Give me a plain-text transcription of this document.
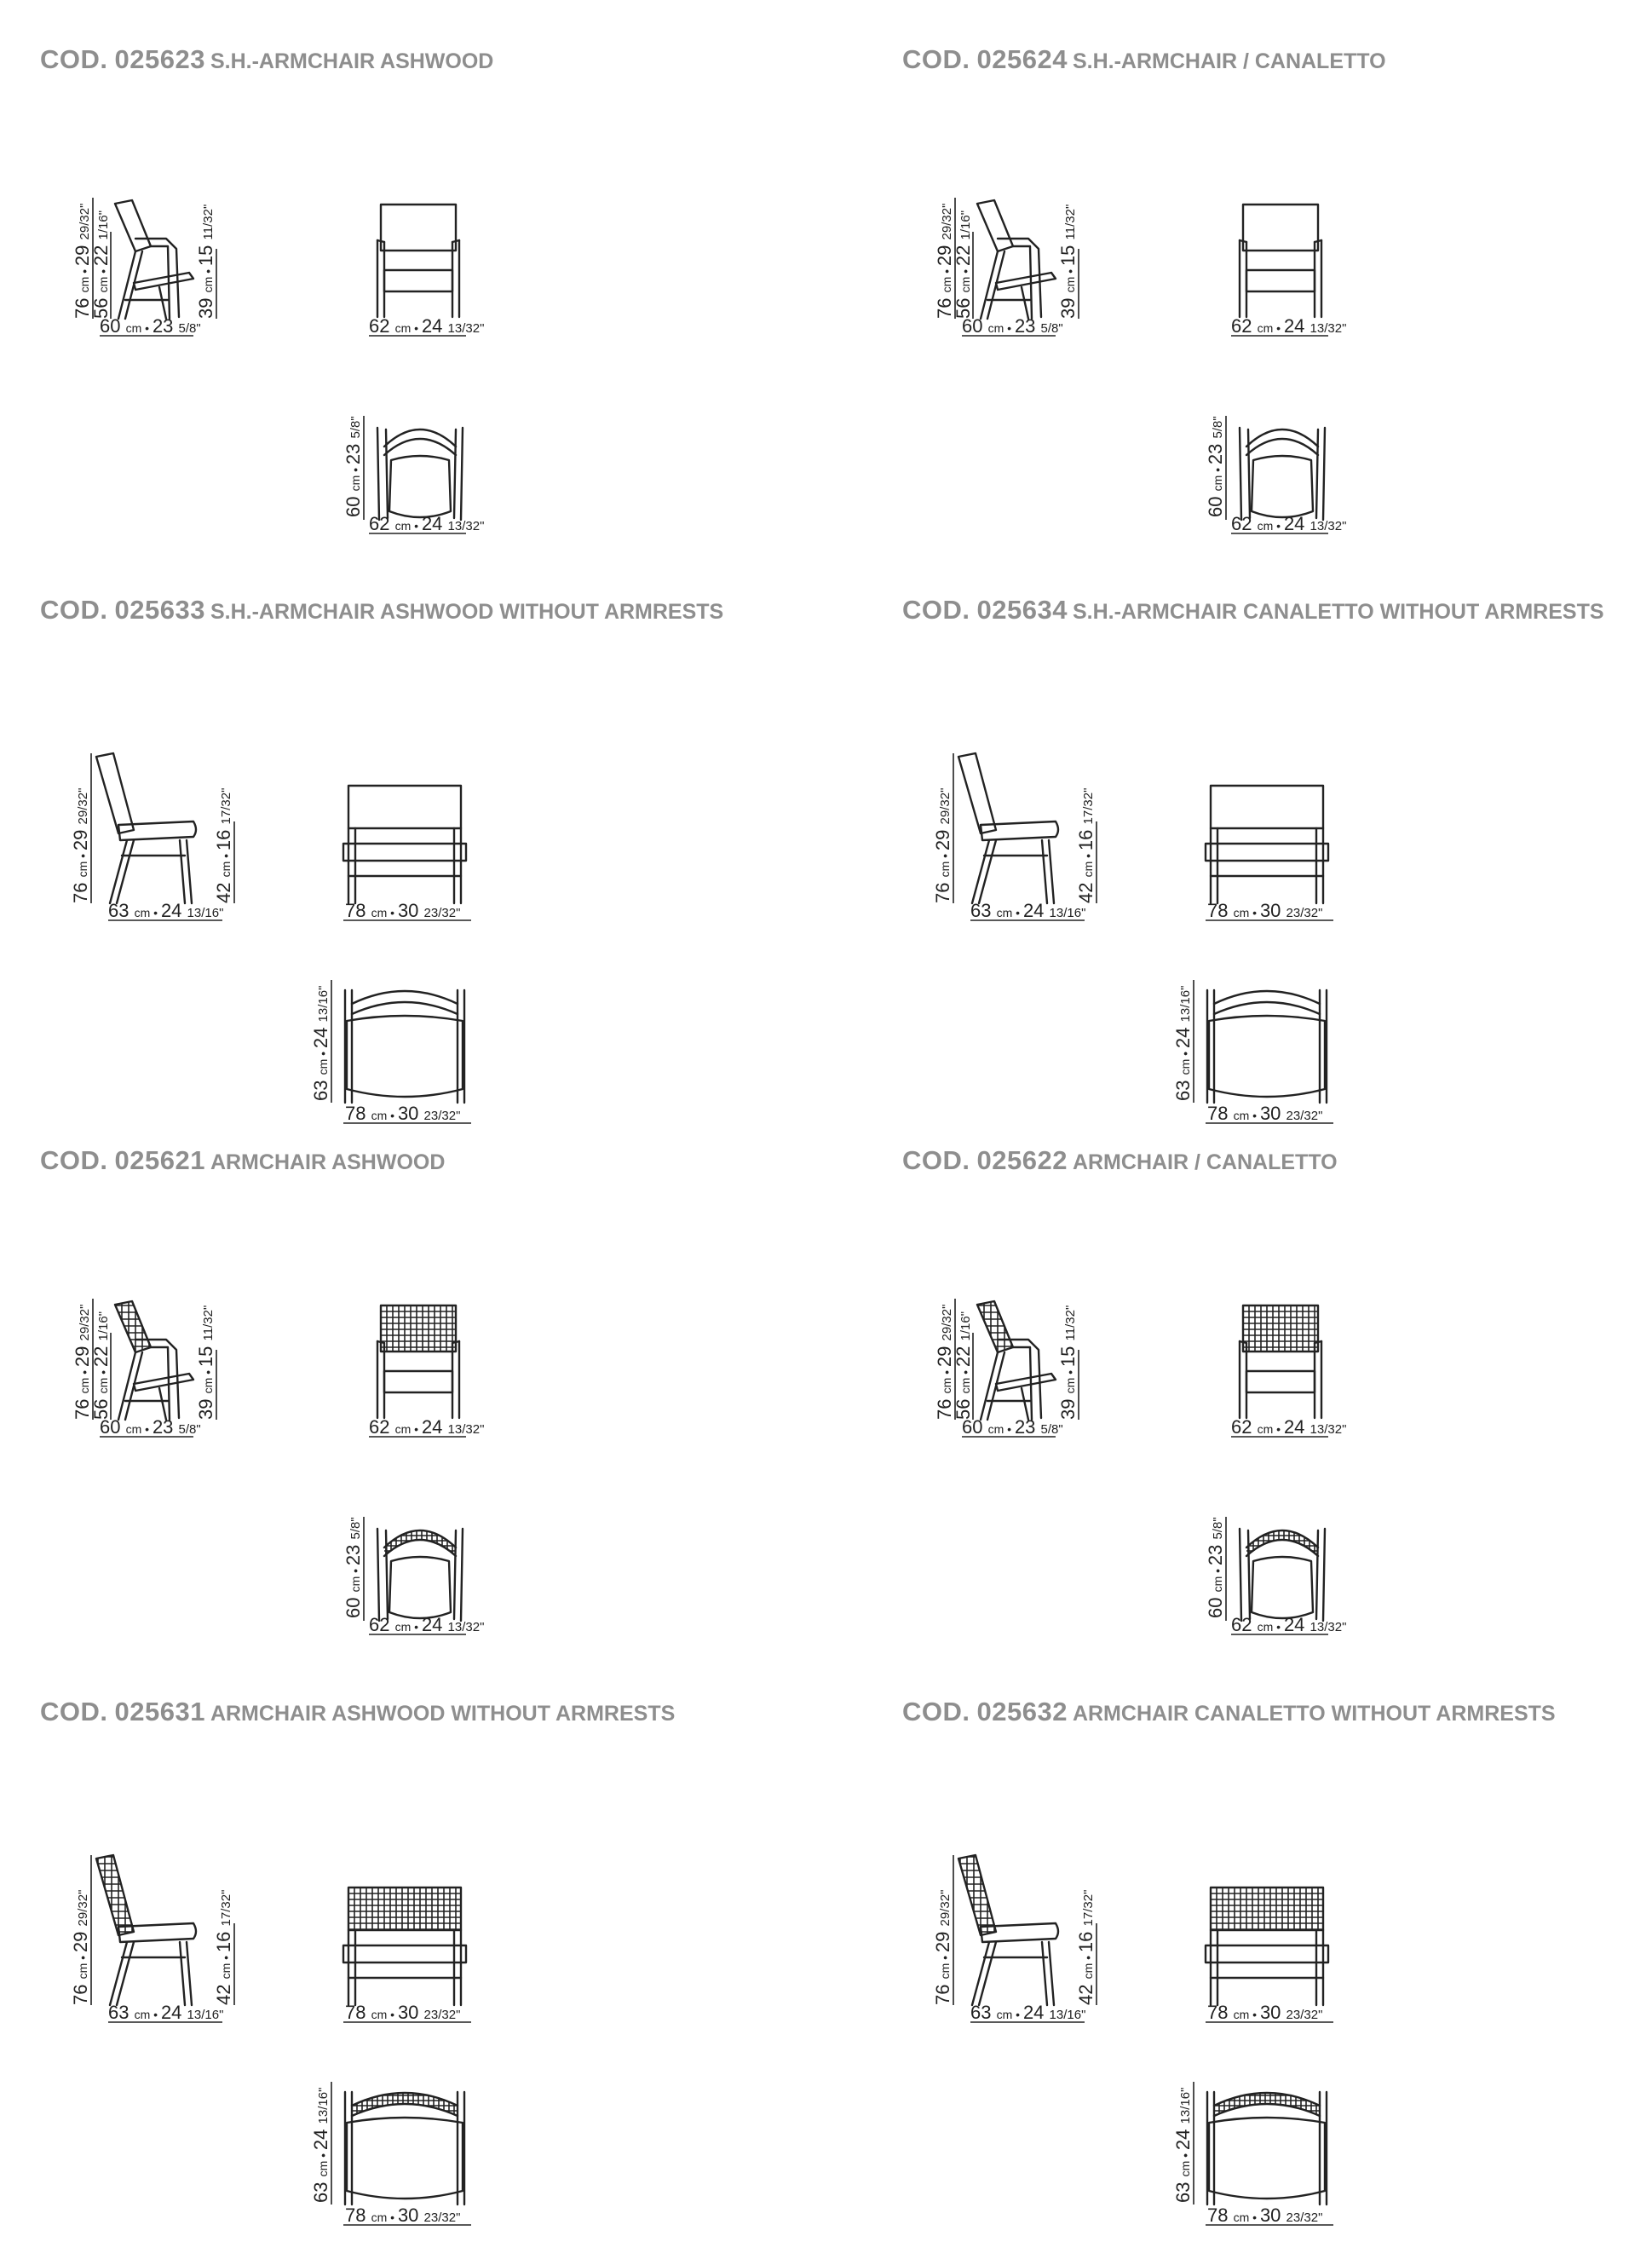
COD. 025623 S.H.-ARMCHAIR ASHWOOD
76 cm • 29 29/32"
56 cm • 22 1/16"
39 cm • 15 11/32"
60 cm • 23 5/8"	62 cm • 24 13/32"
60 cm • 23 5/8"
62 cm • 24 13/32"
COD. 025624 S.H.-ARMCHAIR / CANALETTO
76 cm • 29 29/32"
56 cm • 22 1/16"
39 cm • 15 11/32"
60 cm • 23 5/8"	62 cm • 24 13/32"
60 cm • 23 5/8"
62 cm • 24 13/32"
COD. 025633 S.H.-ARMCHAIR ASHWOOD WITHOUT ARMRESTS
76 cm • 29 29/32"
42 cm • 16 17/32"
63 cm • 24 13/16"	78 cm • 30 23/32"
63 cm • 24 13/16"
78 cm • 30 23/32"
COD. 025634 S.H.-ARMCHAIR CANALETTO WITHOUT ARMRESTS
76 cm • 29 29/32"
42 cm • 16 17/32"
63 cm • 24 13/16"	78 cm • 30 23/32"
63 cm • 24 13/16"
78 cm • 30 23/32"
COD. 025621 ARMCHAIR ASHWOOD
76 cm • 29 29/32"
56 cm • 22 1/16"
39 cm • 15 11/32"
60 cm • 23 5/8"	62 cm • 24 13/32"
60 cm • 23 5/8"
62 cm • 24 13/32"
COD. 025622 ARMCHAIR / CANALETTO
76 cm • 29 29/32"
56 cm • 22 1/16"
39 cm • 15 11/32"
60 cm • 23 5/8"	62 cm • 24 13/32"
60 cm • 23 5/8"
62 cm • 24 13/32"
COD. 025631 ARMCHAIR ASHWOOD WITHOUT ARMRESTS
76 cm • 29 29/32"
42 cm • 16 17/32"
63 cm • 24 13/16"	78 cm • 30 23/32"
63 cm • 24 13/16"
78 cm • 30 23/32"
COD. 025632 ARMCHAIR CANALETTO WITHOUT ARMRESTS
76 cm • 29 29/32"
42 cm • 16 17/32"
63 cm • 24 13/16"	78 cm • 30 23/32"
63 cm • 24 13/16"
78 cm • 30 23/32"
